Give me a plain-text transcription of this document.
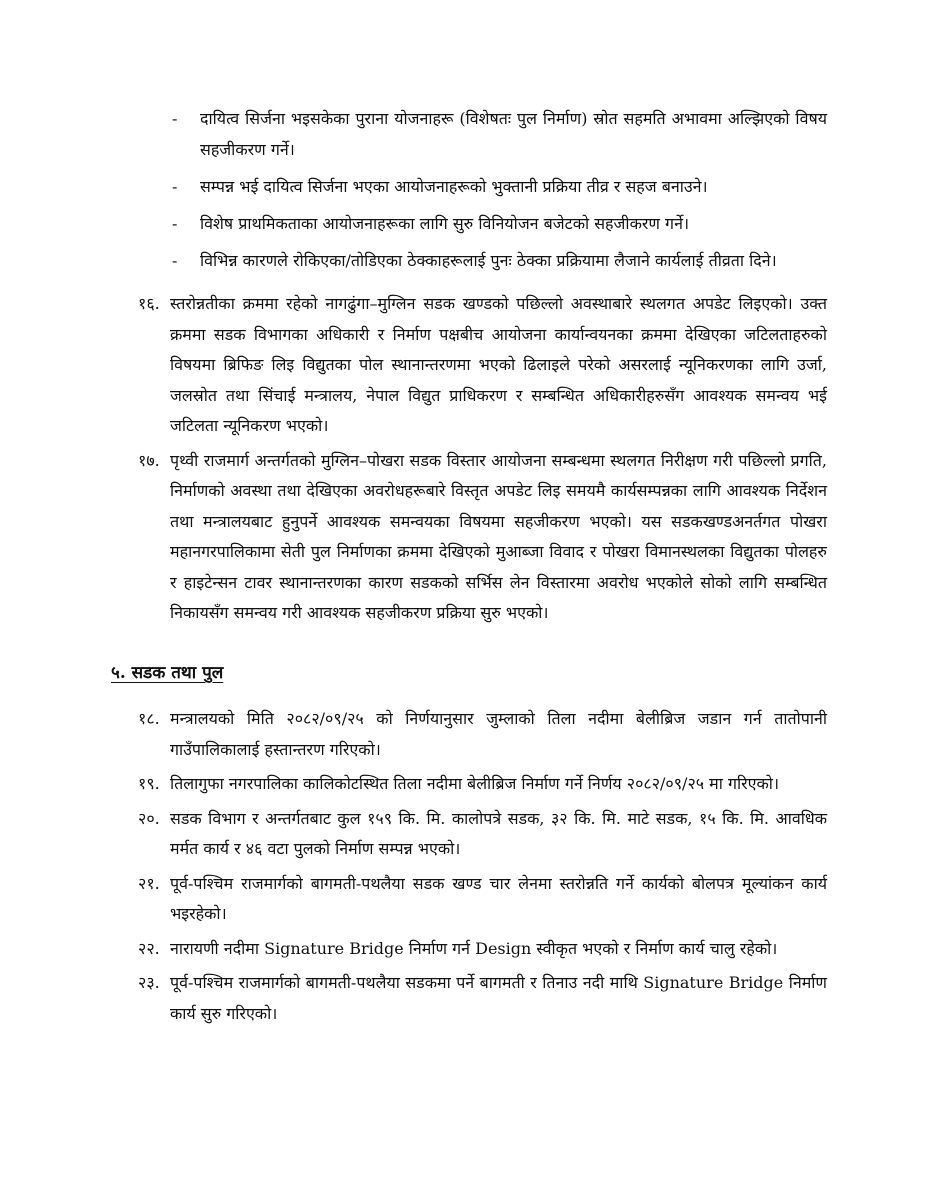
- दायित्व सिर्जना भइसकेका पुराना योजनाहरू (विशेषतः पुल निर्माण) स्रोत सहमति अभावमा अल्झिएको विषय सहजीकरण गर्ने।
- सम्पन्न भई दायित्व सिर्जना भएका आयोजनाहरूको भुक्तानी प्रक्रिया तीव्र र सहज बनाउने।
- विशेष प्राथमिकताका आयोजनाहरूका लागि सुरु विनियोजन बजेटको सहजीकरण गर्ने।
- विभिन्न कारणले रोकिएका/तोडिएका ठेक्काहरूलाई पुनः ठेक्का प्रक्रियामा लैजाने कार्यलाई तीव्रता दिने।
१६. स्तरोन्नतीका क्रममा रहेको नागढुंगा–मुग्लिन सडक खण्डको पछिल्लो अवस्थाबारे स्थलगत अपडेट लिइएको। उक्त क्रममा सडक विभागका अधिकारी र निर्माण पक्षबीच आयोजना कार्यान्वयनका क्रममा देखिएका जटिलताहरुको विषयमा ब्रिफिङ लिइ विद्युतका पोल स्थानान्तरणमा भएको ढिलाइले परेको असरलाई न्यूनिकरणका लागि उर्जा, जलस्रोत तथा सिंचाई मन्त्रालय, नेपाल विद्युत प्राधिकरण र सम्बन्धित अधिकारीहरुसँग आवश्यक समन्वय भई जटिलता न्यूनिकरण भएको।
१७. पृथ्वी राजमार्ग अन्तर्गतको मुग्लिन–पोखरा सडक विस्तार आयोजना सम्बन्धमा स्थलगत निरीक्षण गरी पछिल्लो प्रगति, निर्माणको अवस्था तथा देखिएका अवरोधहरूबारे विस्तृत अपडेट लिइ समयमै कार्यसम्पन्नका लागि आवश्यक निर्देशन तथा मन्त्रालयबाट हुनुपर्ने आवश्यक समन्वयका विषयमा सहजीकरण भएको। यस सडकखण्डअनर्तगत पोखरा महानगरपालिकामा सेती पुल निर्माणका क्रममा देखिएको मुआब्जा विवाद र पोखरा विमानस्थलका विद्युतका पोलहरु र हाइटेन्सन टावर स्थानान्तरणका कारण सडकको सर्भिस लेन विस्तारमा अवरोध भएकोले सोको लागि सम्बन्धित निकायसँग समन्वय गरी आवश्यक सहजीकरण प्रक्रिया सुरु भएको।
५. सडक तथा पुल
१८. मन्त्रालयको मिति २०८२/०९/२५ को निर्णयानुसार जुम्लाको तिला नदीमा बेलीब्रिज जडान गर्न तातोपानी गाउँपालिकालाई हस्तान्तरण गरिएको।
१९. तिलागुफा नगरपालिका कालिकोटस्थित तिला नदीमा बेलीब्रिज निर्माण गर्ने निर्णय २०८२/०९/२५ मा गरिएको।
२०. सडक विभाग र अन्तर्गतबाट कुल १५९ कि. मि. कालोपत्रे सडक, ३२ कि. मि. माटे सडक, १५ कि. मि. आवधिक मर्मत कार्य र ४६ वटा पुलको निर्माण सम्पन्न भएको।
२१. पूर्व-पश्चिम राजमार्गको बागमती-पथलैया सडक खण्ड चार लेनमा स्तरोन्नति गर्ने कार्यको बोलपत्र मूल्यांकन कार्य भइरहेको।
२२. नारायणी नदीमा Signature Bridge निर्माण गर्न Design स्वीकृत भएको र निर्माण कार्य चालु रहेको।
२३. पूर्व-पश्चिम राजमार्गको बागमती-पथलैया सडकमा पर्ने बागमती र तिनाउ नदी माथि Signature Bridge निर्माण कार्य सुरु गरिएको।
